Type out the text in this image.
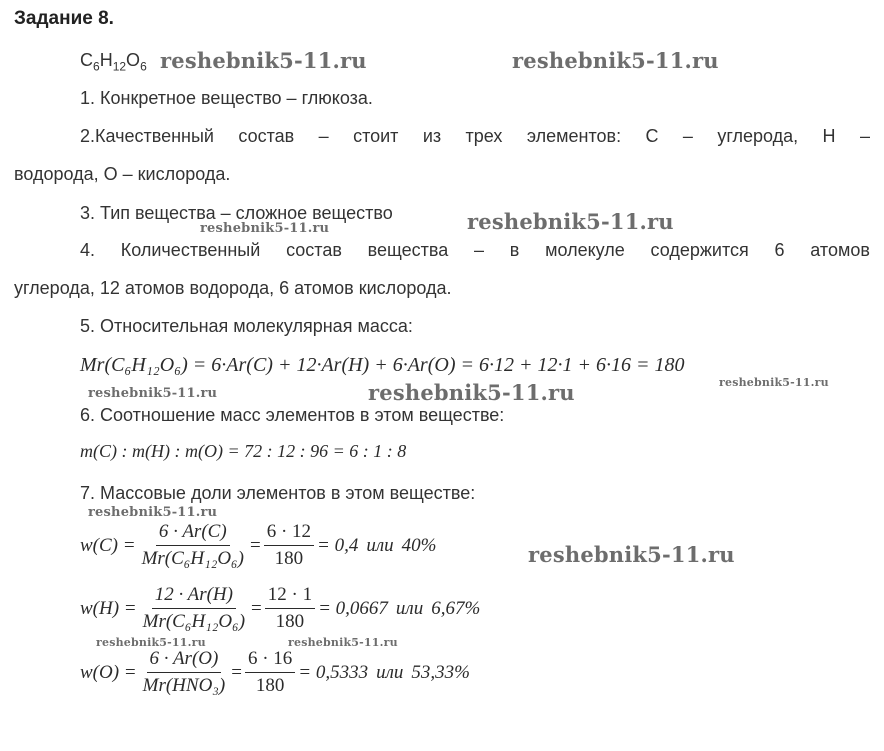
Задание 8.
$C_6H_{12}O_6$ reshebnik5-11.ru	reshebnik5-11.ru
1. Конкретное вещество – глюкоза.
2.Качественный состав – стоит из трех элементов: С – углерода, Н –
водорода, О – кислорода.
3. Тип вещества – сложное вещество
reshebnik5-11.ru	reshebnik5-11.ru
4. Количественный состав вещества – в молекуле содержится 6 атомов
углерода, 12 атомов водорода, 6 атомов кислорода.
5. Относительная молекулярная масса:
Mr(C₆H₁₂O₆) = 6·Ar(C) + 12·Ar(H) + 6·Ar(O) = 6·12 + 12·1 + 6·16 = 180
reshebnik5-11.ru
reshebnik5-11.ru	reshebnik5-11.ru
6. Соотношение масс элементов в этом веществе:
m(C) : m(H) : m(O) = 72 : 12 : 96 = 6 : 1 : 8
7. Массовые доли элементов в этом веществе:
reshebnik5-11.ru
$w(C) = \frac{6 \cdot Ar(C)}{\text{Mr(C₆H₁₂O₆)}} = \frac{6 \cdot 12}{180} = 0,4$ или 40%	reshebnik5-11.ru
$w(H) = \frac{12 \cdot Ar(H)}{\text{Mr(C₆H₁₂O₆)}} = \frac{12 \cdot 1}{180} = 0,0667$ или 6,67%
reshebnik5-11.ru	reshebnik5-11.ru
$w(O) = \frac{6 \cdot Ar(O)}{\text{Mr(HNO₃)}} = \frac{6 \cdot 16}{180} = 0,5333$ или 53,33%
